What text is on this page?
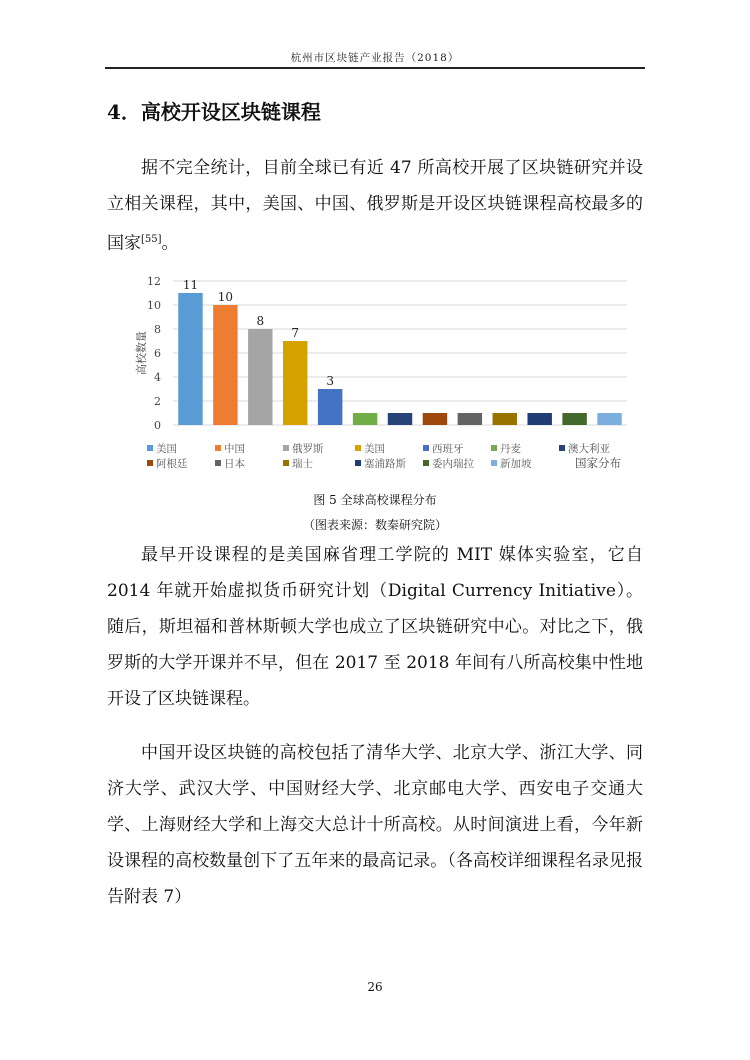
杭州市区块链产业报告（2018）
4．高校开设区块链课程
据不完全统计，目前全球已有近 47 所高校开展了区块链研究并设立相关课程，其中，美国、中国、俄罗斯是开设区块链课程高校最多的国家[55]。
0
2
4
6
8
10
12
高校数量
11
10
8
7
3
美国	中国	俄罗斯	美国	西班牙	丹麦	澳大利亚
阿根廷	日本	瑞士	塞浦路斯 委内瑞拉 新加坡	国家分布
图 5 全球高校课程分布
（图表来源：数秦研究院）
最早开设课程的是美国麻省理工学院的 MIT 媒体实验室，它自 2014 年就开始虚拟货币研究计划（Digital Currency Initiative）。随后，斯坦福和普林斯顿大学也成立了区块链研究中心。对比之下，俄罗斯的大学开课并不早，但在 2017 至 2018 年间有八所高校集中性地开设了区块链课程。
中国开设区块链的高校包括了清华大学、北京大学、浙江大学、同济大学、武汉大学、中国财经大学、北京邮电大学、西安电子交通大学、上海财经大学和上海交大总计十所高校。从时间演进上看，今年新设课程的高校数量创下了五年来的最高记录。（各高校详细课程名录见报告附表 7）
26
